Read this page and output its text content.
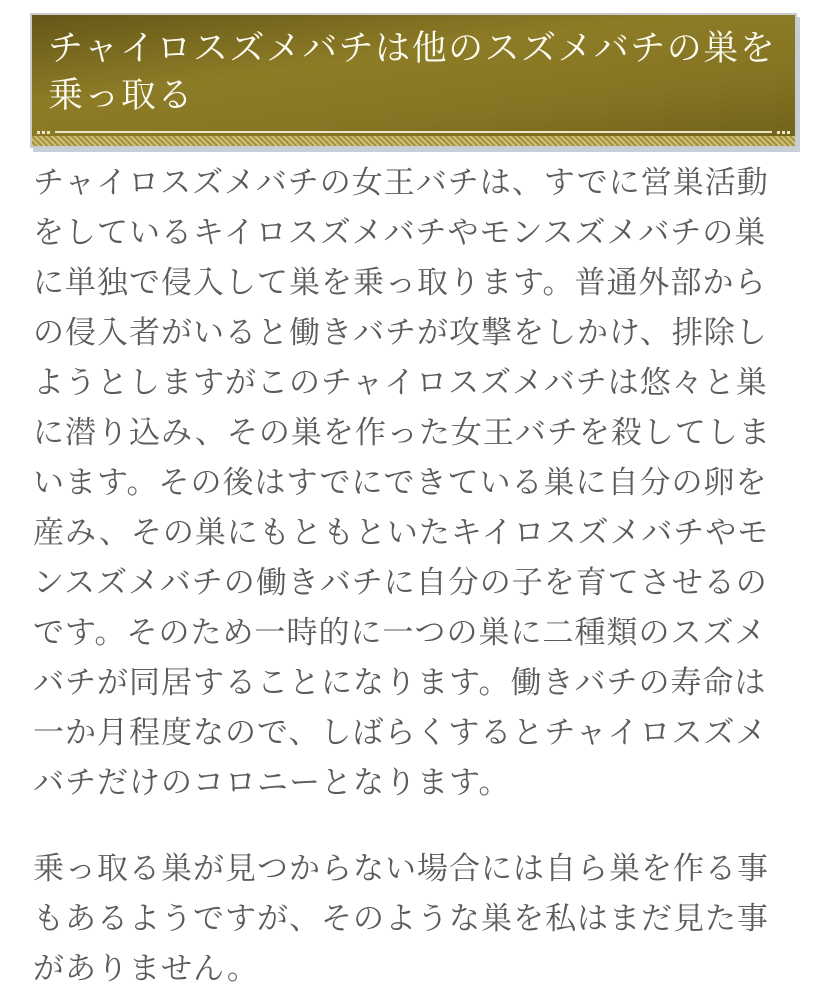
チャイロスズメバチは他のスズメバチの巣を乗っ取る

チャイロスズメバチの女王バチは、すでに営巣活動をしているキイロスズメバチやモンスズメバチの巣に単独で侵入して巣を乗っ取ります。普通外部からの侵入者がいると働きバチが攻撃をしかけ、排除しようとしますがこのチャイロスズメバチは悠々と巣に潜り込み、その巣を作った女王バチを殺してしまいます。その後はすでにできている巣に自分の卵を産み、その巣にもともといたキイロスズメバチやモンスズメバチの働きバチに自分の子を育てさせるのです。そのため一時的に一つの巣に二種類のスズメバチが同居することになります。働きバチの寿命は一か月程度なので、しばらくするとチャイロスズメバチだけのコロニーとなります。

乗っ取る巣が見つからない場合には自ら巣を作る事もあるようですが、そのような巣を私はまだ見た事がありません。
